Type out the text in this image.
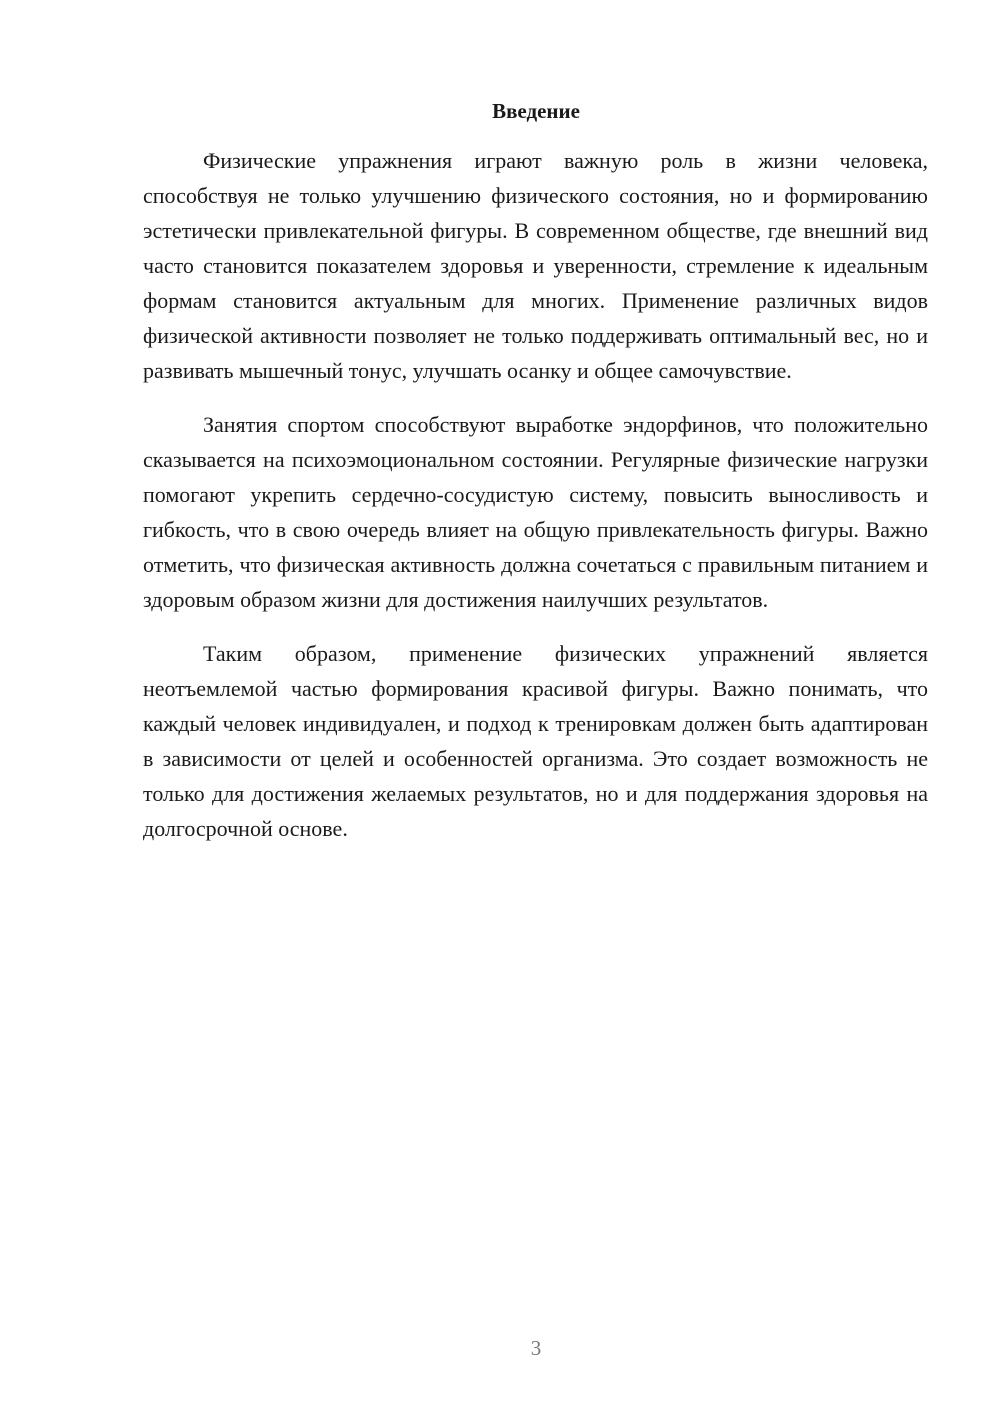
Введение

Физические упражнения играют важную роль в жизни человека, способствуя не только улучшению физического состояния, но и формированию эстетически привлекательной фигуры. В современном обществе, где внешний вид часто становится показателем здоровья и уверенности, стремление к идеальным формам становится актуальным для многих. Применение различных видов физической активности позволяет не только поддерживать оптимальный вес, но и развивать мышечный тонус, улучшать осанку и общее самочувствие.

Занятия спортом способствуют выработке эндорфинов, что положительно сказывается на психоэмоциональном состоянии. Регулярные физические нагрузки помогают укрепить сердечно-сосудистую систему, повысить выносливость и гибкость, что в свою очередь влияет на общую привлекательность фигуры. Важно отметить, что физическая активность должна сочетаться с правильным питанием и здоровым образом жизни для достижения наилучших результатов.

Таким образом, применение физических упражнений является неотъемлемой частью формирования красивой фигуры. Важно понимать, что каждый человек индивидуален, и подход к тренировкам должен быть адаптирован в зависимости от целей и особенностей организма. Это создает возможность не только для достижения желаемых результатов, но и для поддержания здоровья на долгосрочной основе.

3
